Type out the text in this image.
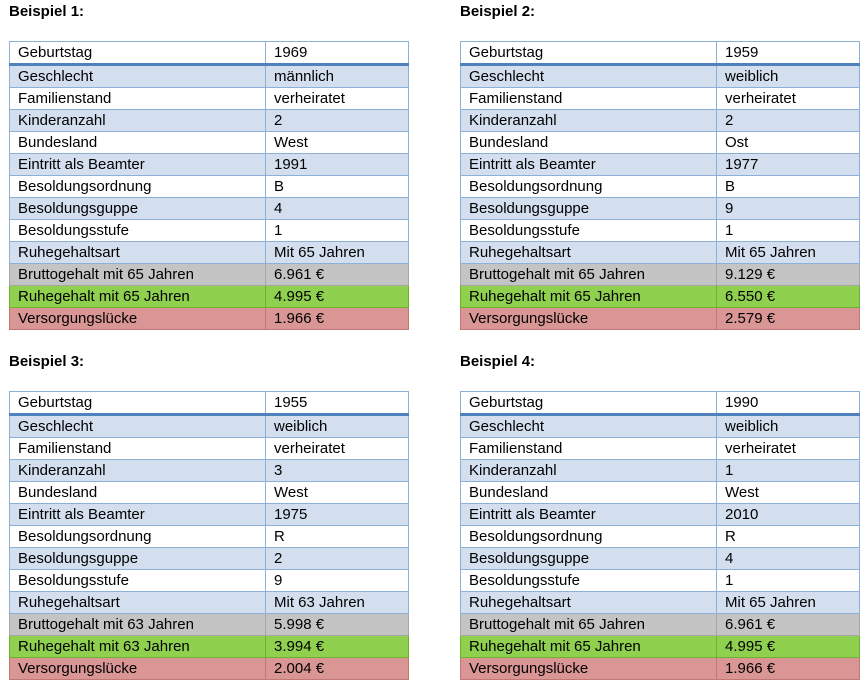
Beispiel 1:
Geburtstag	1969
Geschlecht	männlich
Familienstand	verheiratet
Kinderanzahl	2
Bundesland	West
Eintritt als Beamter	1991
Besoldungsordnung	B
Besoldungsguppe	4
Besoldungsstufe	1
Ruhegehaltsart	Mit 65 Jahren
Bruttogehalt mit 65 Jahren	6.961 €
Ruhegehalt mit 65 Jahren	4.995 €
Versorgungslücke	1.966 €
Beispiel 2:
Geburtstag	1959
Geschlecht	weiblich
Familienstand	verheiratet
Kinderanzahl	2
Bundesland	Ost
Eintritt als Beamter	1977
Besoldungsordnung	B
Besoldungsguppe	9
Besoldungsstufe	1
Ruhegehaltsart	Mit 65 Jahren
Bruttogehalt mit 65 Jahren	9.129 €
Ruhegehalt mit 65 Jahren	6.550 €
Versorgungslücke	2.579 €
Beispiel 3:
Geburtstag	1955
Geschlecht	weiblich
Familienstand	verheiratet
Kinderanzahl	3
Bundesland	West
Eintritt als Beamter	1975
Besoldungsordnung	R
Besoldungsguppe	2
Besoldungsstufe	9
Ruhegehaltsart	Mit 63 Jahren
Bruttogehalt mit 63 Jahren	5.998 €
Ruhegehalt mit 63 Jahren	3.994 €
Versorgungslücke	2.004 €
Beispiel 4:
Geburtstag	1990
Geschlecht	weiblich
Familienstand	verheiratet
Kinderanzahl	1
Bundesland	West
Eintritt als Beamter	2010
Besoldungsordnung	R
Besoldungsguppe	4
Besoldungsstufe	1
Ruhegehaltsart	Mit 65 Jahren
Bruttogehalt mit 65 Jahren	6.961 €
Ruhegehalt mit 65 Jahren	4.995 €
Versorgungslücke	1.966 €
